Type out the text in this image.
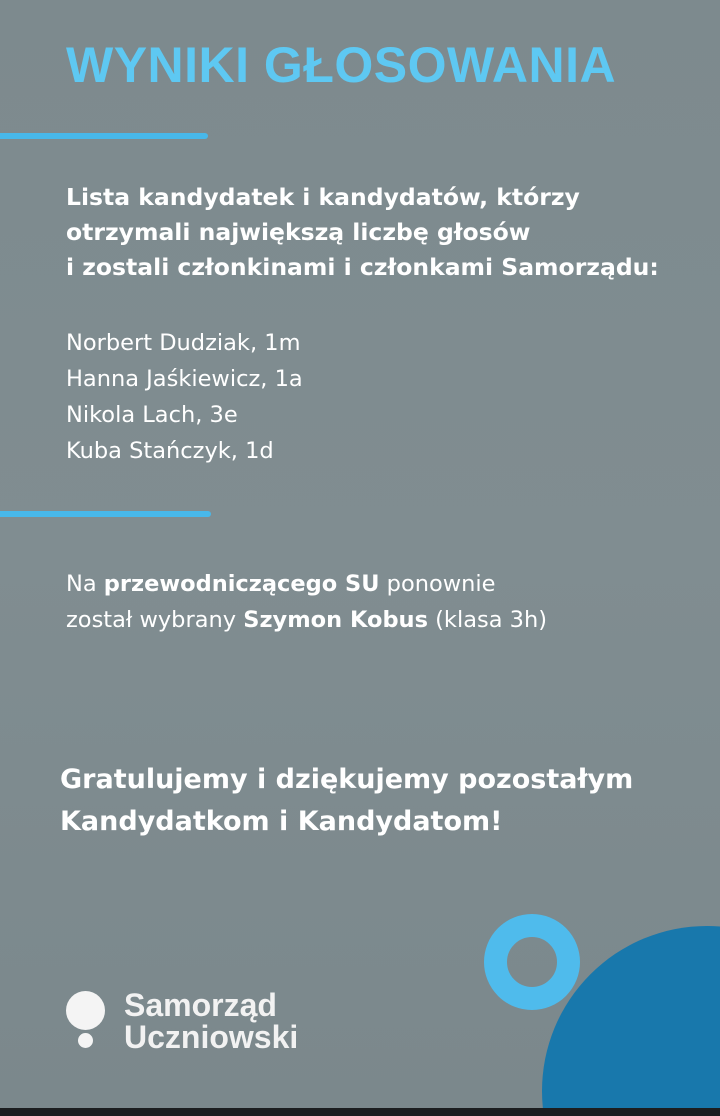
WYNIKI GŁOSOWANIA

Lista kandydatek i kandydatów, którzy
otrzymali największą liczbę głosów
i zostali członkinami i członkami Samorządu:

Norbert Dudziak, 1m
Hanna Jaśkiewicz, 1a
Nikola Lach, 3e
Kuba Stańczyk, 1d

Na przewodniczącego SU ponownie
został wybrany Szymon Kobus (klasa 3h)

Gratulujemy i dziękujemy pozostałym
Kandydatkom i Kandydatom!

Samorząd
Uczniowski
